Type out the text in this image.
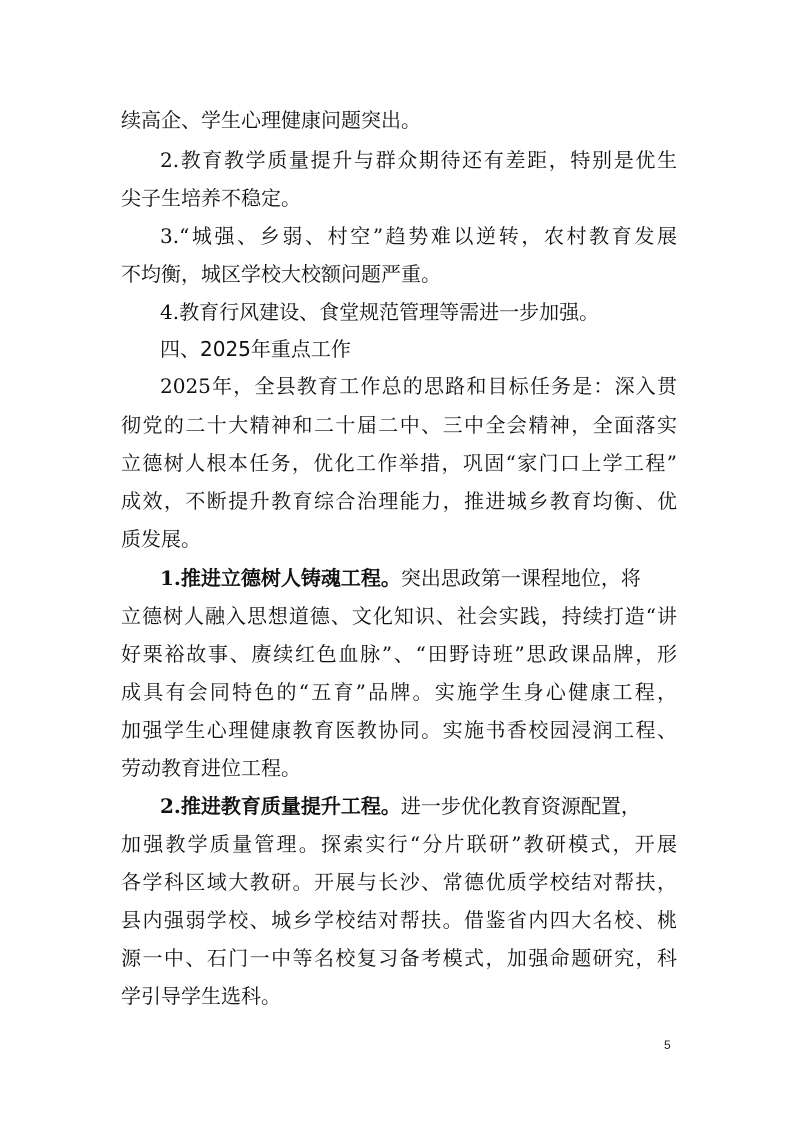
续高企、学生心理健康问题突出。
2.教育教学质量提升与群众期待还有差距，特别是优生
尖子生培养不稳定。
3.“城强、乡弱、村空”趋势难以逆转，农村教育发展
不均衡，城区学校大校额问题严重。
4.教育行风建设、食堂规范管理等需进一步加强。
四、2025年重点工作
2025年，全县教育工作总的思路和目标任务是：深入贯
彻党的二十大精神和二十届二中、三中全会精神，全面落实
立德树人根本任务，优化工作举措，巩固“家门口上学工程”
成效，不断提升教育综合治理能力，推进城乡教育均衡、优
质发展。
1.推进立德树人铸魂工程。突出思政第一课程地位，将
立德树人融入思想道德、文化知识、社会实践，持续打造“讲
好栗裕故事、赓续红色血脉”、“田野诗班”思政课品牌，形
成具有会同特色的“五育”品牌。实施学生身心健康工程，
加强学生心理健康教育医教协同。实施书香校园浸润工程、
劳动教育进位工程。
2.推进教育质量提升工程。进一步优化教育资源配置，
加强教学质量管理。探索实行“分片联研”教研模式，开展
各学科区域大教研。开展与长沙、常德优质学校结对帮扶，
县内强弱学校、城乡学校结对帮扶。借鉴省内四大名校、桃
源一中、石门一中等名校复习备考模式，加强命题研究，科
学引导学生选科。
5
